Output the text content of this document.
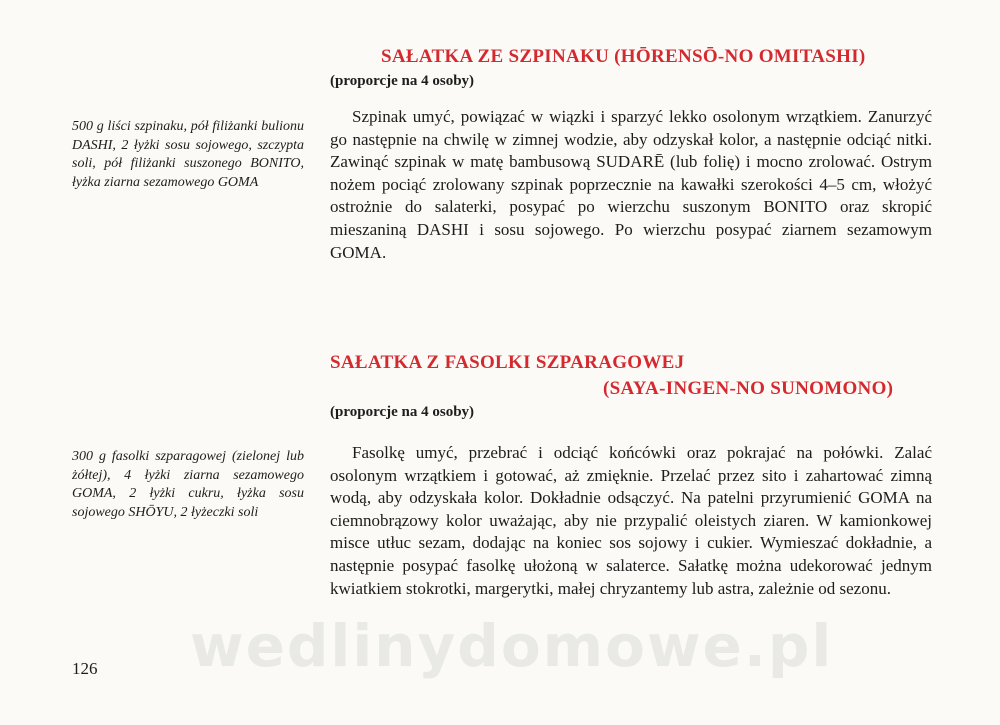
SAŁATKA ZE SZPINAKU (HŌRENSŌ-NO OMITASHI)

(proporcje na 4 osoby)

500 g liści szpinaku, pół filiżanki bulionu DASHI, 2 łyżki sosu sojowego, szczypta soli, pół filiżanki suszonego BONITO, łyżka ziarna sezamowego GOMA

Szpinak umyć, powiązać w wiązki i sparzyć lekko osolonym wrzątkiem. Zanurzyć go następnie na chwilę w zimnej wodzie, aby odzyskał kolor, a następnie odciąć nitki. Zawinąć szpinak w matę bambusową SUDARĒ (lub folię) i mocno zrolować. Ostrym nożem pociąć zrolowany szpinak poprzecznie na kawałki szerokości 4–5 cm, włożyć ostrożnie do salaterki, posypać po wierzchu suszonym BONITO oraz skropić mieszaniną DASHI i sosu sojowego. Po wierzchu posypać ziarnem sezamowym GOMA.

SAŁATKA Z FASOLKI SZPARAGOWEJ
(SAYA-INGEN-NO SUNOMONO)

(proporcje na 4 osoby)

300 g fasolki szparagowej (zielonej lub żółtej), 4 łyżki ziarna sezamowego GOMA, 2 łyżki cukru, łyżka sosu sojowego SHŌYU, 2 łyżeczki soli

Fasolkę umyć, przebrać i odciąć końcówki oraz pokrajać na połówki. Zalać osolonym wrzątkiem i gotować, aż zmięknie. Przelać przez sito i zahartować zimną wodą, aby odzyskała kolor. Dokładnie odsączyć. Na patelni przyrumienić GOMA na ciemnobrązowy kolor uważając, aby nie przypalić oleistych ziaren. W kamionkowej misce utłuc sezam, dodając na koniec sos sojowy i cukier. Wymieszać dokładnie, a następnie posypać fasolkę ułożoną w salaterce. Sałatkę można udekorować jednym kwiatkiem stokrotki, margerytki, małej chryzantemy lub astra, zależnie od sezonu.

126 wedlinydomowe.pl
